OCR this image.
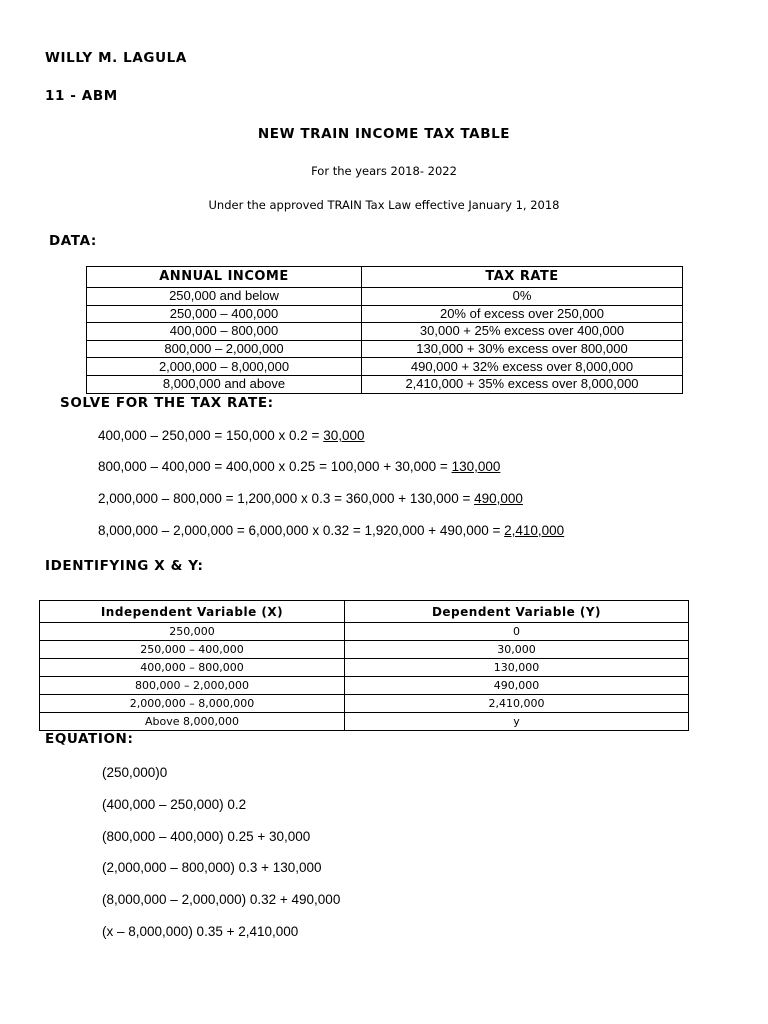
WILLY M. LAGULA
11 - ABM
NEW TRAIN INCOME TAX TABLE
For the years 2018- 2022
Under the approved TRAIN Tax Law effective January 1, 2018
DATA:
ANNUAL INCOME	TAX RATE
250,000 and below	0%
250,000 – 400,000	20% of excess over 250,000
400,000 – 800,000	30,000 + 25% excess over 400,000
800,000 – 2,000,000	130,000 + 30% excess over 800,000
2,000,000 – 8,000,000	490,000 + 32% excess over 8,000,000
8,000,000 and above	2,410,000 + 35% excess over 8,000,000
SOLVE FOR THE TAX RATE:
400,000 – 250,000 = 150,000 x 0.2 = 30,000
800,000 – 400,000 = 400,000 x 0.25 = 100,000 + 30,000 = 130,000
2,000,000 – 800,000 = 1,200,000 x 0.3 = 360,000 + 130,000 = 490,000
8,000,000 – 2,000,000 = 6,000,000 x 0.32 = 1,920,000 + 490,000 = 2,410,000
IDENTIFYING X & Y:
Independent Variable (X)	Dependent Variable (Y)
250,000	0
250,000 – 400,000	30,000
400,000 – 800,000	130,000
800,000 – 2,000,000	490,000
2,000,000 – 8,000,000	2,410,000
Above 8,000,000	y
EQUATION:
(250,000)0
(400,000 – 250,000) 0.2
(800,000 – 400,000) 0.25 + 30,000
(2,000,000 – 800,000) 0.3 + 130,000
(8,000,000 – 2,000,000) 0.32 + 490,000
(x – 8,000,000) 0.35 + 2,410,000
